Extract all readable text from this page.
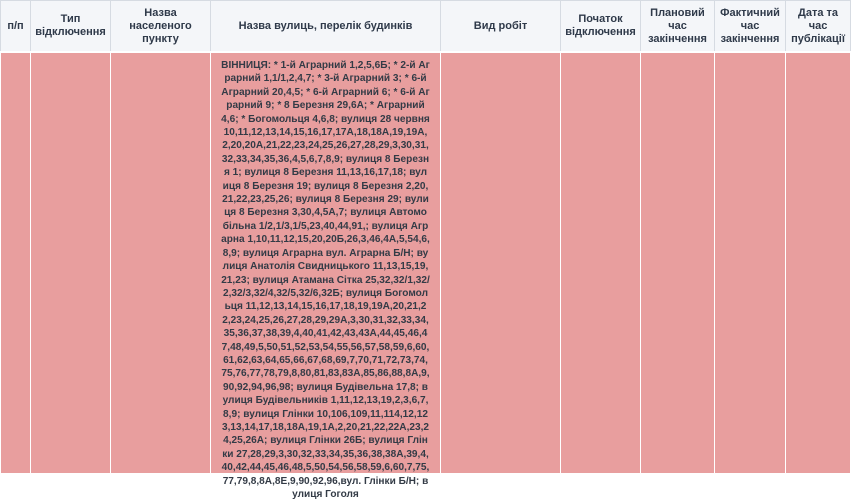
п/п	Тип відключення	Назва населеного пункту	Назва вулиць, перелік будинків	Вид робіт	Початок відключення	Плановий час закінчення	Фактичний час закінчення	Дата та час публікації

			ВІННИЦЯ: * 1-й Аграрний 1,2,5,6Б; * 2-й Аграрний 1,1/1,2,4,7; * 3-й Аграрний 3; * 6-й Аграрний 20,4,5; * 6-й Аграрний 6; * 6-й Аграрний 9; * 8 Березня 29,6А; * Аграрний 4,6; * Богомольця 4,6,8; вулиця 28 червня 10,11,12,13,14,15,16,17,17А,18,18А,19,19А,2,20,20А,21,22,23,24,25,26,27,28,29,3,30,31,32,33,34,35,36,4,5,6,7,8,9; вулиця 8 Березня 1; вулиця 8 Березня 11,13,16,17,18; вулиця 8 Березня 19; вулиця 8 Березня 2,20,21,22,23,25,26; вулиця 8 Березня 29; вулиця 8 Березня 3,30,4,5А,7; вулиця Автомобільна 1/2,1/3,1/5,23,40,44,91,; вулиця Аграрна 1,10,11,12,15,20,20Б,26,3,46,4А,5,54,6,8,9; вулиця Аграрна вул. Аграрна Б/Н; вулиця Анатолія Свидницького 11,13,15,19,21,23; вулиця Атамана Сітка 25,32,32/1,32/2,32/3,32/4,32/5,32/6,32Б; вулиця Богомольця 11,12,13,14,15,16,17,18,19,19А,20,21,22,23,24,25,26,27,28,29,29А,3,30,31,32,33,34,35,36,37,38,39,4,40,41,42,43,43А,44,45,46,47,48,49,5,50,51,52,53,54,55,56,57,58,59,6,60,61,62,63,64,65,66,67,68,69,7,70,71,72,73,74,75,76,77,78,79,8,80,81,83,83А,85,86,88,8А,9,90,92,94,96,98; вулиця Будівельна 17,8; вулиця Будівельників 1,11,12,13,19,2,3,6,7,8,9; вулиця Глінки 10,106,109,11,114,12,123,13,14,17,18,18А,19,1А,2,20,21,22,22А,23,24,25,26А; вулиця Глінки 26Б; вулиця Глінки 27,28,29,3,30,32,33,34,35,36,38,38А,39,4,40,42,44,45,46,48,5,50,54,56,58,59,6,60,7,75,77,79,8,8А,8Е,9,90,92,96,вул. Глінки Б/Н; вулиця Гоголя					
